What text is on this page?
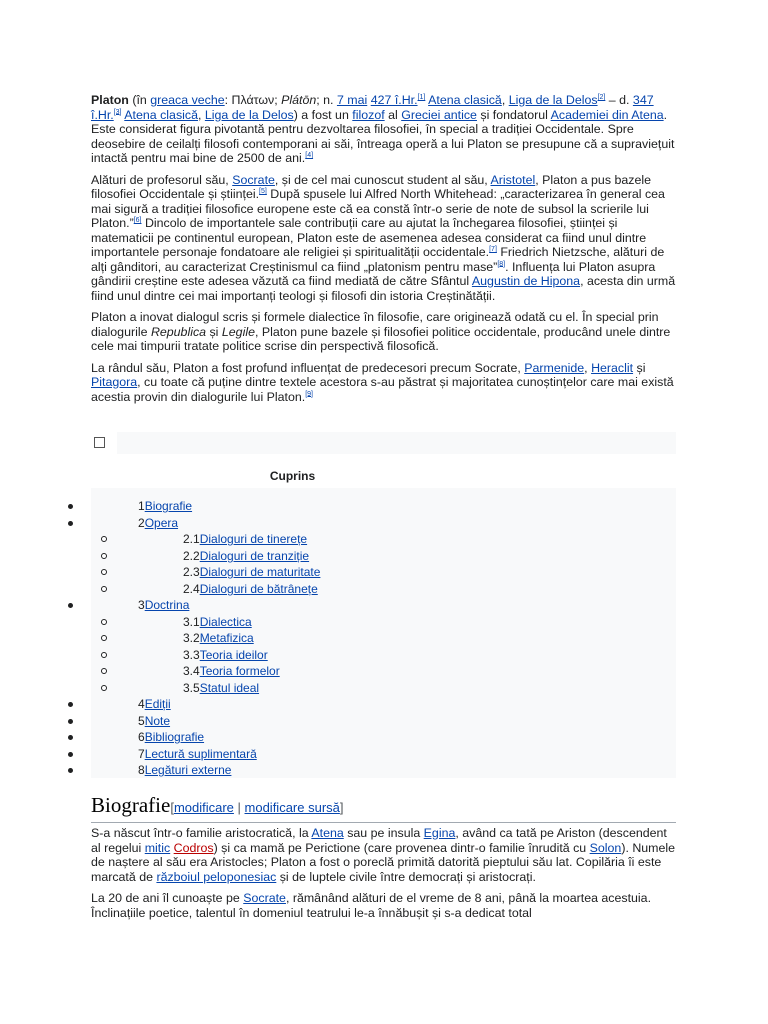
Platon (în greaca veche: Πλάτων; Plátōn; n. 7 mai 427 î.Hr.[1] Atena clasică, Liga de la Delos[2] – d. 347 î.Hr.[3] Atena clasică, Liga de la Delos) a fost un filozof al Greciei antice și fondatorul Academiei din Atena. Este considerat figura pivotantă pentru dezvoltarea filosofiei, în special a tradiției Occidentale. Spre deosebire de ceilalți filosofi contemporani ai săi, întreaga operă a lui Platon se presupune că a supraviețuit intactă pentru mai bine de 2500 de ani.[4]

Alături de profesorul său, Socrate, și de cel mai cunoscut student al său, Aristotel, Platon a pus bazele filosofiei Occidentale și științei.[5] După spusele lui Alfred North Whitehead: „caracterizarea în general cea mai sigură a tradiției filosofice europene este că ea constă într-o serie de note de subsol la scrierile lui Platon.”[6] Dincolo de importantele sale contribuții care au ajutat la închegarea filosofiei, științei și matematicii pe continentul european, Platon este de asemenea adesea considerat ca fiind unul dintre importantele personaje fondatoare ale religiei și spiritualității occidentale.[7] Friedrich Nietzsche, alături de alți gânditori, au caracterizat Creștinismul ca fiind „platonism pentru mase”[8]. Influența lui Platon asupra gândirii creștine este adesea văzută ca fiind mediată de către Sfântul Augustin de Hipona, acesta din urmă fiind unul dintre cei mai importanți teologi și filosofi din istoria Creștinătății.

Platon a inovat dialogul scris și formele dialectice în filosofie, care originează odată cu el. În special prin dialogurile Republica și Legile, Platon pune bazele și filosofiei politice occidentale, producând unele dintre cele mai timpurii tratate politice scrise din perspectivă filosofică.

La rândul său, Platon a fost profund influențat de predecesori precum Socrate, Parmenide, Heraclit și Pitagora, cu toate că puține dintre textele acestora s-au păstrat și majoritatea cunoștințelor care mai există acestia provin din dialogurile lui Platon.[9]

Cuprins
1Biografie
2Opera
2.1Dialoguri de tinerețe
2.2Dialoguri de tranziție
2.3Dialoguri de maturitate
2.4Dialoguri de bătrânețe
3Doctrina
3.1Dialectica
3.2Metafizica
3.3Teoria ideilor
3.4Teoria formelor
3.5Statul ideal
4Ediții
5Note
6Bibliografie
7Lectură suplimentară
8Legături externe
Biografie[modificare | modificare sursă]

S-a născut într-o familie aristocratică, la Atena sau pe insula Egina, având ca tată pe Ariston (descendent al regelui mitic Codros) și ca mamă pe Perictione (care provenea dintr-o familie înrudită cu Solon). Numele de naștere al său era Aristocles; Platon a fost o poreclă primită datorită pieptului său lat. Copilăria îi este marcată de războiul peloponesiac și de luptele civile între democrați și aristocrați.

La 20 de ani îl cunoaște pe Socrate, rămânând alături de el vreme de 8 ani, până la moartea acestuia. Înclinațiile poetice, talentul în domeniul teatrului le-a înnăbușit și s-a dedicat total
